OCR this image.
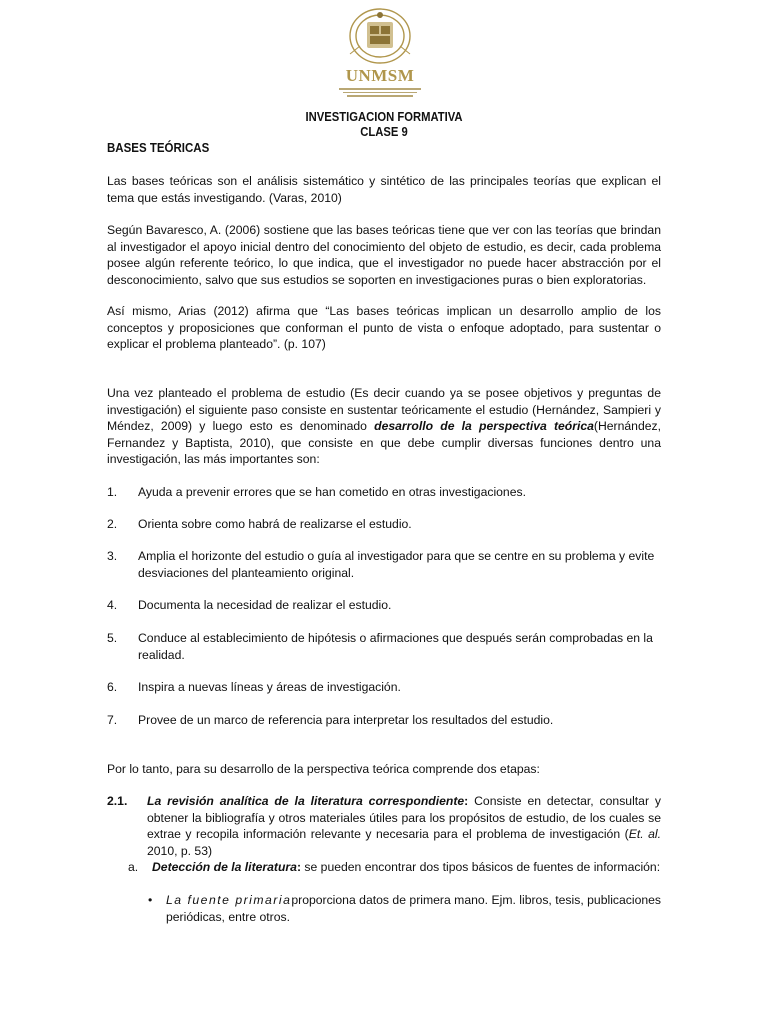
UNMSM
INVESTIGACION FORMATIVA
CLASE 9
BASES TEÓRICAS
Las bases teóricas son el análisis sistemático y sintético de las principales teorías que explican el tema que estás investigando. (Varas, 2010)
Según Bavaresco, A. (2006) sostiene que las bases teóricas tiene que ver con las teorías que brindan al investigador el apoyo inicial dentro del conocimiento del objeto de estudio, es decir, cada problema posee algún referente teórico, lo que indica, que el investigador no puede hacer abstracción por el desconocimiento, salvo que sus estudios se soporten en investigaciones puras o bien exploratorias.
Así mismo, Arias (2012) afirma que “Las bases teóricas implican un desarrollo amplio de los conceptos y proposiciones que conforman el punto de vista o enfoque adoptado, para sustentar o explicar el problema planteado”. (p. 107)
Una vez planteado el problema de estudio (Es decir cuando ya se posee objetivos y preguntas de investigación) el siguiente paso consiste en sustentar teóricamente el estudio (Hernández, Sampieri y Méndez, 2009) y luego esto es denominado desarrollo de la perspectiva teórica(Hernández, Fernandez y Baptista, 2010), que consiste en que debe cumplir diversas funciones dentro una investigación, las más importantes son:
1. Ayuda a prevenir errores que se han cometido en otras investigaciones.
2. Orienta sobre como habrá de realizarse el estudio.
3. Amplia el horizonte del estudio o guía al investigador para que se centre en su problema y evite desviaciones del planteamiento original.
4. Documenta la necesidad de realizar el estudio.
5. Conduce al establecimiento de hipótesis o afirmaciones que después serán comprobadas en la realidad.
6. Inspira a nuevas líneas y áreas de investigación.
7. Provee de un marco de referencia para interpretar los resultados del estudio.
Por lo tanto, para su desarrollo de la perspectiva teórica comprende dos etapas:
2.1. La revisión analítica de la literatura correspondiente: Consiste en detectar, consultar y obtener la bibliografía y otros materiales útiles para los propósitos de estudio, de los cuales se extrae y recopila información relevante y necesaria para el problema de investigación (Et. al. 2010, p. 53)
a. Detección de la literatura: se pueden encontrar dos tipos básicos de fuentes de información:
• La fuente primariaproporciona datos de primera mano. Ejm. libros, tesis, publicaciones periódicas, entre otros.
